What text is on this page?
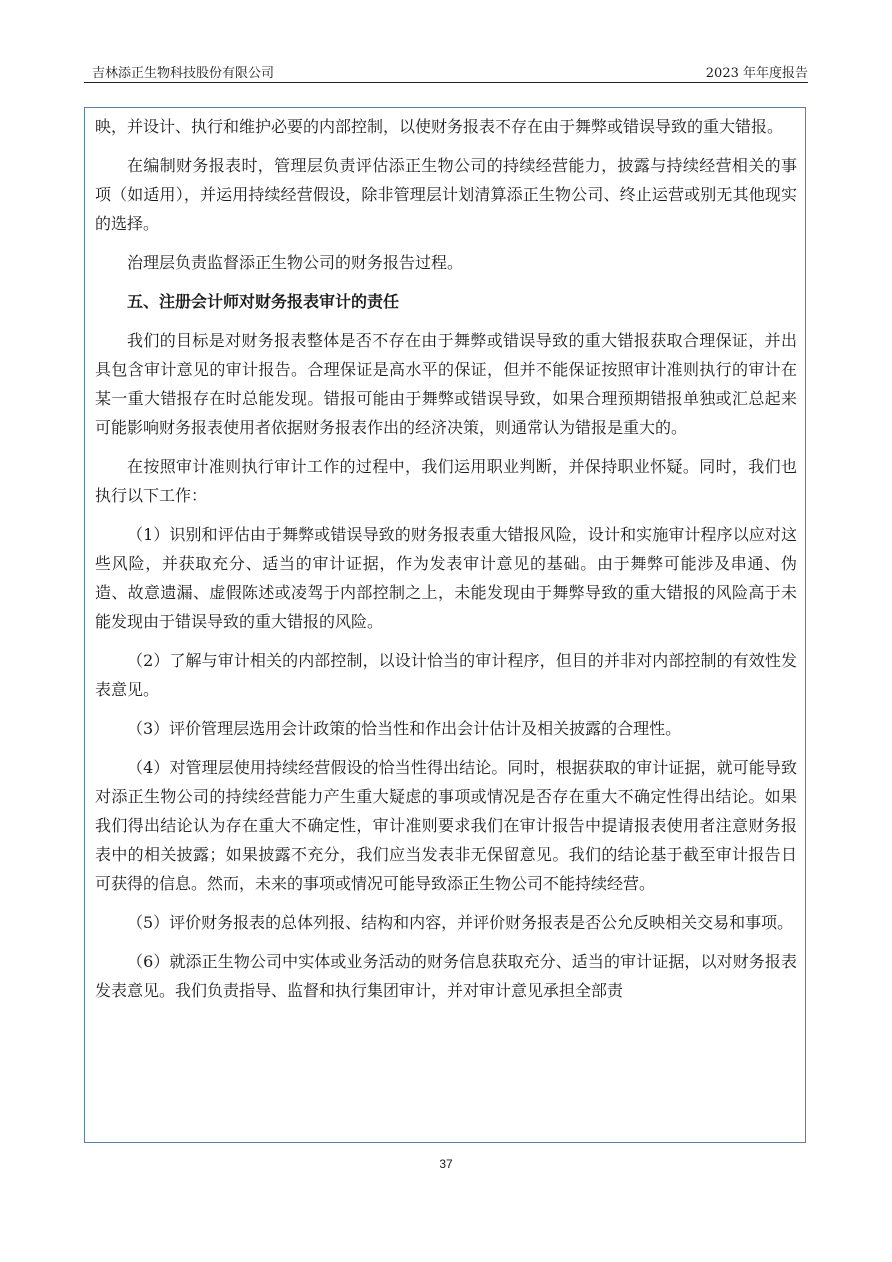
吉林添正生物科技股份有限公司	2023 年年度报告

映，并设计、执行和维护必要的内部控制，以使财务报表不存在由于舞弊或错误导致的重大错报。

在编制财务报表时，管理层负责评估添正生物公司的持续经营能力，披露与持续经营相关的事项（如适用），并运用持续经营假设，除非管理层计划清算添正生物公司、终止运营或别无其他现实的选择。

治理层负责监督添正生物公司的财务报告过程。

五、注册会计师对财务报表审计的责任

我们的目标是对财务报表整体是否不存在由于舞弊或错误导致的重大错报获取合理保证，并出具包含审计意见的审计报告。合理保证是高水平的保证，但并不能保证按照审计准则执行的审计在某一重大错报存在时总能发现。错报可能由于舞弊或错误导致，如果合理预期错报单独或汇总起来可能影响财务报表使用者依据财务报表作出的经济决策，则通常认为错报是重大的。

在按照审计准则执行审计工作的过程中，我们运用职业判断，并保持职业怀疑。同时，我们也执行以下工作：

（1）识别和评估由于舞弊或错误导致的财务报表重大错报风险，设计和实施审计程序以应对这些风险，并获取充分、适当的审计证据，作为发表审计意见的基础。由于舞弊可能涉及串通、伪造、故意遗漏、虚假陈述或凌驾于内部控制之上，未能发现由于舞弊导致的重大错报的风险高于未能发现由于错误导致的重大错报的风险。

（2）了解与审计相关的内部控制，以设计恰当的审计程序，但目的并非对内部控制的有效性发表意见。

（3）评价管理层选用会计政策的恰当性和作出会计估计及相关披露的合理性。

（4）对管理层使用持续经营假设的恰当性得出结论。同时，根据获取的审计证据，就可能导致对添正生物公司的持续经营能力产生重大疑虑的事项或情况是否存在重大不确定性得出结论。如果我们得出结论认为存在重大不确定性，审计准则要求我们在审计报告中提请报表使用者注意财务报表中的相关披露；如果披露不充分，我们应当发表非无保留意见。我们的结论基于截至审计报告日可获得的信息。然而，未来的事项或情况可能导致添正生物公司不能持续经营。

（5）评价财务报表的总体列报、结构和内容，并评价财务报表是否公允反映相关交易和事项。

（6）就添正生物公司中实体或业务活动的财务信息获取充分、适当的审计证据，以对财务报表发表意见。我们负责指导、监督和执行集团审计，并对审计意见承担全部责

37
